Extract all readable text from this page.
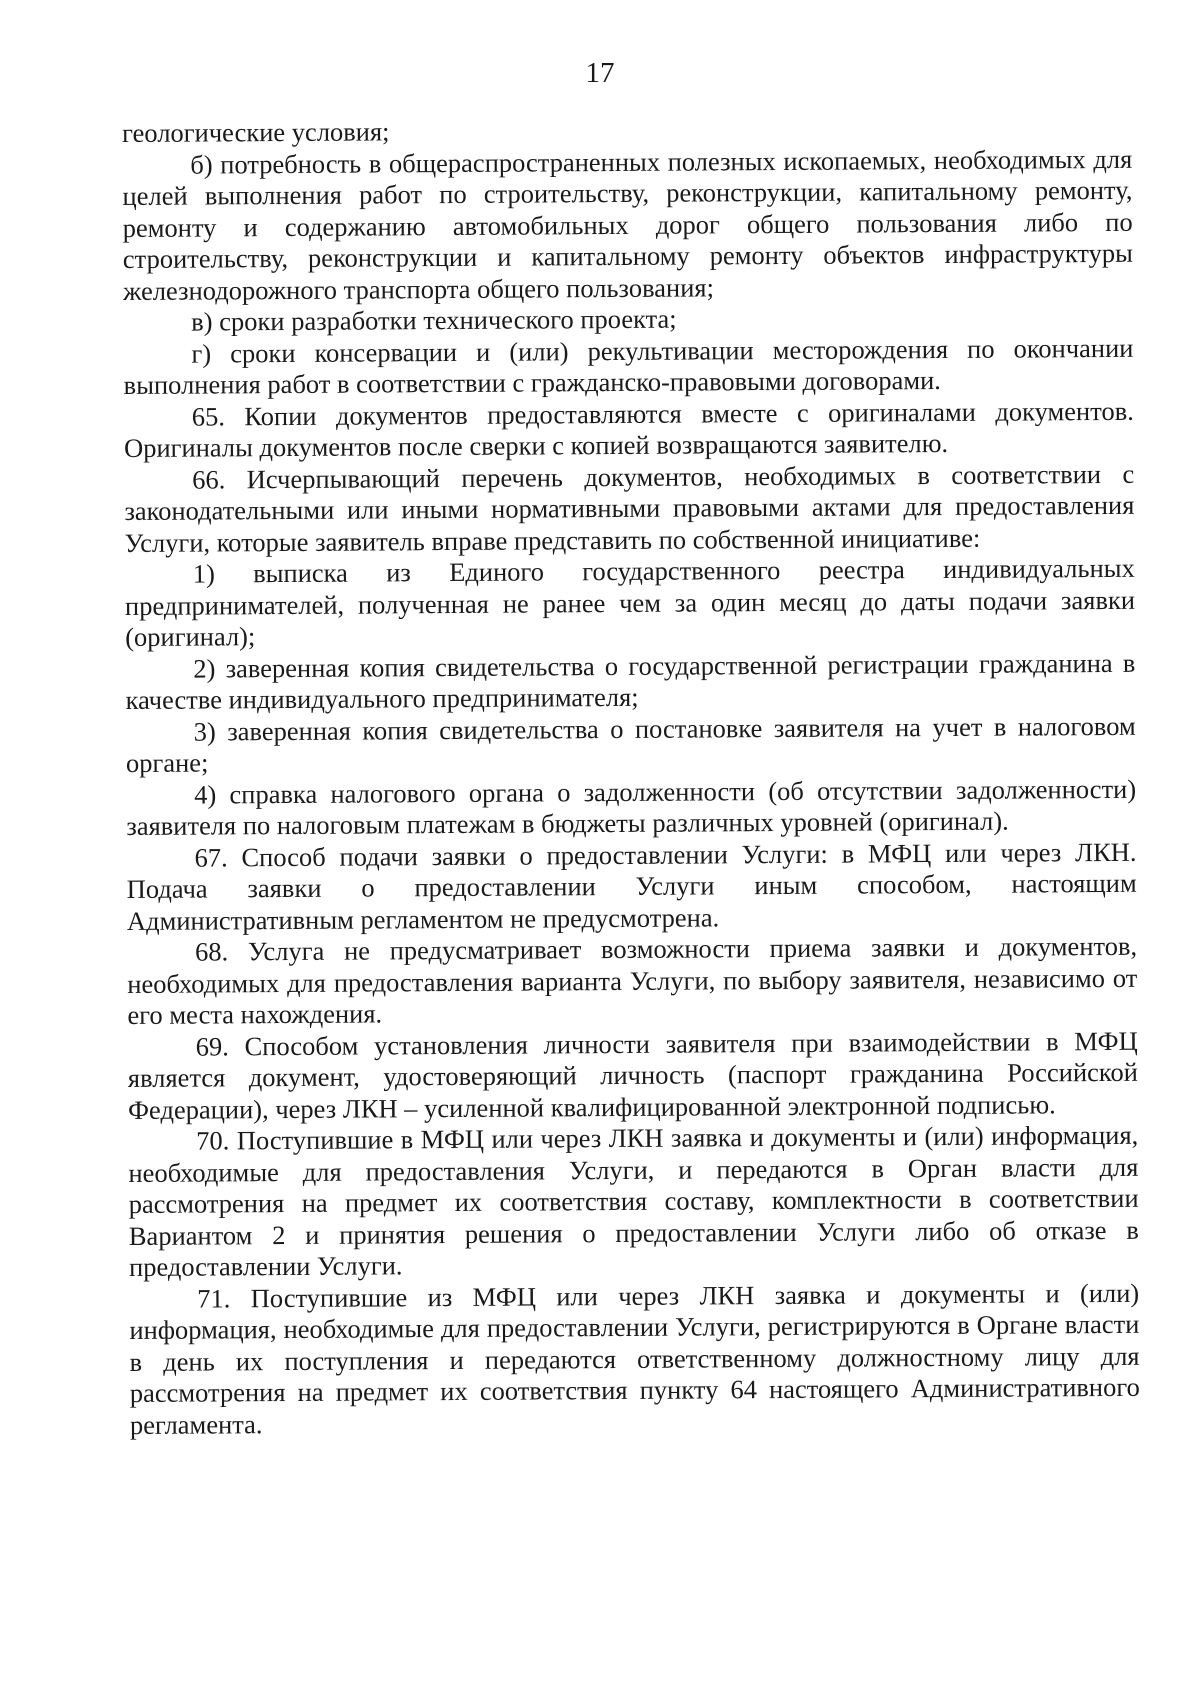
17

геологические условия;

б) потребность в общераспространенных полезных ископаемых, необходимых для целей выполнения работ по строительству, реконструкции, капитальному ремонту, ремонту и содержанию автомобильных дорог общего пользования либо по строительству, реконструкции и капитальному ремонту объектов инфраструктуры железнодорожного транспорта общего пользования;

в) сроки разработки технического проекта;

г) сроки консервации и (или) рекультивации месторождения по окончании выполнения работ в соответствии с гражданско-правовыми договорами.

65. Копии документов предоставляются вместе с оригиналами документов. Оригиналы документов после сверки с копией возвращаются заявителю.

66. Исчерпывающий перечень документов, необходимых в соответствии с законодательными или иными нормативными правовыми актами для предоставления Услуги, которые заявитель вправе представить по собственной инициативе:

1) выписка из Единого государственного реестра индивидуальных предпринимателей, полученная не ранее чем за один месяц до даты подачи заявки (оригинал);

2) заверенная копия свидетельства о государственной регистрации гражданина в качестве индивидуального предпринимателя;

3) заверенная копия свидетельства о постановке заявителя на учет в налоговом органе;

4) справка налогового органа о задолженности (об отсутствии задолженности) заявителя по налоговым платежам в бюджеты различных уровней (оригинал).

67. Способ подачи заявки о предоставлении Услуги: в МФЦ или через ЛКН. Подача заявки о предоставлении Услуги иным способом, настоящим Административным регламентом не предусмотрена.

68. Услуга не предусматривает возможности приема заявки и документов, необходимых для предоставления варианта Услуги, по выбору заявителя, независимо от его места нахождения.

69. Способом установления личности заявителя при взаимодействии в МФЦ является документ, удостоверяющий личность (паспорт гражданина Российской Федерации), через ЛКН – усиленной квалифицированной электронной подписью.

70. Поступившие в МФЦ или через ЛКН заявка и документы и (или) информация, необходимые для предоставления Услуги, и передаются в Орган власти для рассмотрения на предмет их соответствия составу, комплектности в соответствии Вариантом 2 и принятия решения о предоставлении Услуги либо об отказе в предоставлении Услуги.

71. Поступившие из МФЦ или через ЛКН заявка и документы и (или) информация, необходимые для предоставлении Услуги, регистрируются в Органе власти в день их поступления и передаются ответственному должностному лицу для рассмотрения на предмет их соответствия пункту 64 настоящего Административного регламента.
